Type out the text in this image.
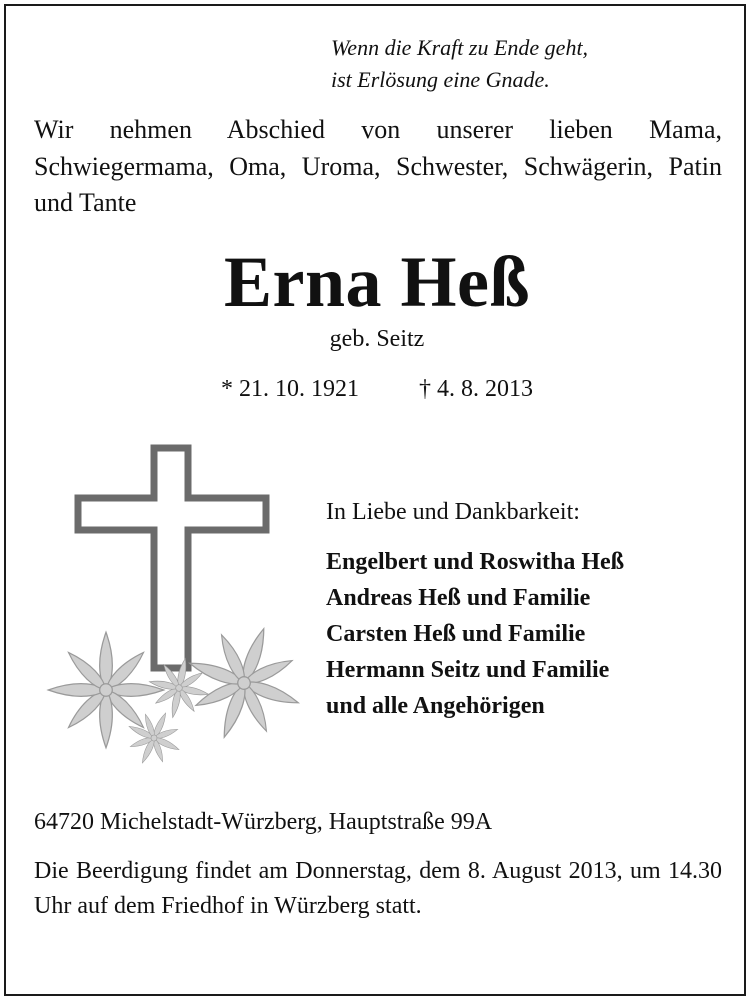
Wenn die Kraft zu Ende geht,
ist Erlösung eine Gnade.
Wir nehmen Abschied von unserer lieben Mama, Schwiegermama, Oma, Uroma, Schwester, Schwägerin, Patin und Tante
Erna Heß
geb. Seitz
* 21. 10. 1921	† 4. 8. 2013
In Liebe und Dankbarkeit:
Engelbert und Roswitha Heß
Andreas Heß und Familie
Carsten Heß und Familie
Hermann Seitz und Familie
und alle Angehörigen
64720 Michelstadt-Würzberg, Hauptstraße 99A
Die Beerdigung findet am Donnerstag, dem 8. August 2013, um 14.30 Uhr auf dem Friedhof in Würzberg statt.
